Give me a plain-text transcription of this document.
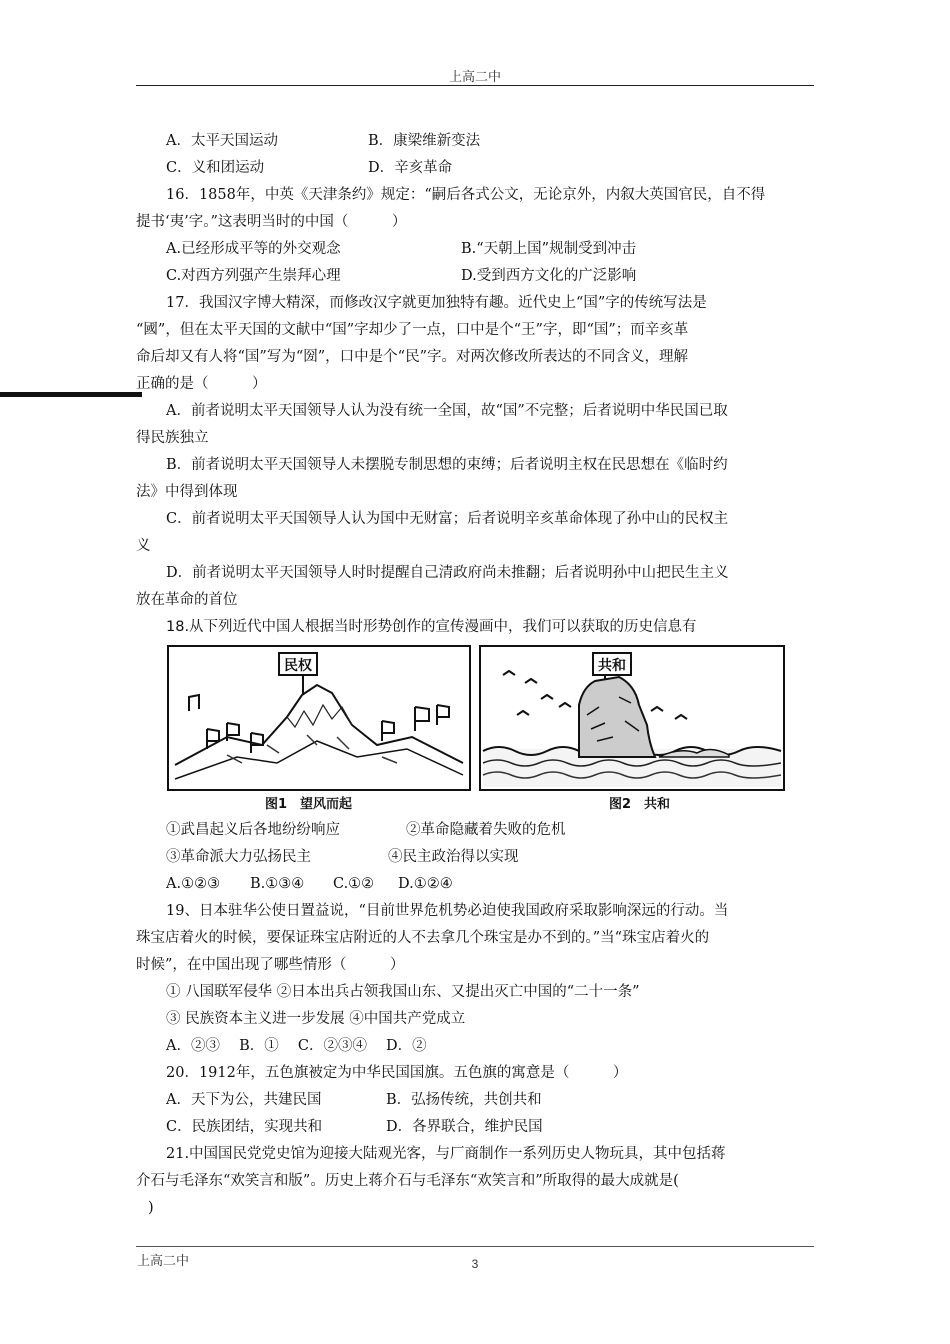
上高二中
A．太平天国运动	B．康梁维新变法
C．义和团运动	D．辛亥革命
16．1858年，中英《天津条约》规定：“嗣后各式公文，无论京外，内叙大英国官民，自不得
提书‘夷’字。”这表明当时的中国（　　　）
A.已经形成平等的外交观念	B.“天朝上国”规制受到冲击
C.对西方列强产生崇拜心理	D.受到西方文化的广泛影响
17．我国汉字博大精深，而修改汉字就更加独特有趣。近代史上“国”字的传统写法是
“國”，但在太平天国的文献中“国”字却少了一点，口中是个“王”字，即“国”；而辛亥革
命后却又有人将“国”写为“圀”，口中是个“民”字。对两次修改所表达的不同含义，理解
正确的是（　　　）
A．前者说明太平天国领导人认为没有统一全国，故“国”不完整；后者说明中华民国已取
得民族独立
B．前者说明太平天国领导人未摆脱专制思想的束缚；后者说明主权在民思想在《临时约
法》中得到体现
C．前者说明太平天国领导人认为国中无财富；后者说明辛亥革命体现了孙中山的民权主
义
D．前者说明太平天国领导人时时提醒自己清政府尚未推翻；后者说明孙中山把民生主义
放在革命的首位
18.从下列近代中国人根据当时形势创作的宣传漫画中，我们可以获取的历史信息有
民权
图1　望风而起
共和
图2　共和
①武昌起义后各地纷纷响应	②革命隐藏着失败的危机
③革命派大力弘扬民主	④民主政治得以实现
A.①②③ B.①③④ C.①② D.①②④
19、日本驻华公使日置益说，“目前世界危机势必迫使我国政府采取影响深远的行动。当
珠宝店着火的时候，要保证珠宝店附近的人不去拿几个珠宝是办不到的。”当“珠宝店着火的
时候”，在中国出现了哪些情形（　　　）
① 八国联军侵华 ②日本出兵占领我国山东、又提出灭亡中国的“二十一条”
③ 民族资本主义进一步发展 ④中国共产党成立
A．②③　 B．①　 C．②③④　 D．②
20．1912年，五色旗被定为中华民国国旗。五色旗的寓意是（　　　）
A．天下为公，共建民国	B．弘扬传统，共创共和
C．民族团结，实现共和	D．各界联合，维护民国
21.中国国民党党史馆为迎接大陆观光客，与厂商制作一系列历史人物玩具，其中包括蒋
介石与毛泽东“欢笑言和版”。历史上蒋介石与毛泽东“欢笑言和”所取得的最大成就是(
)
上高二中	3
